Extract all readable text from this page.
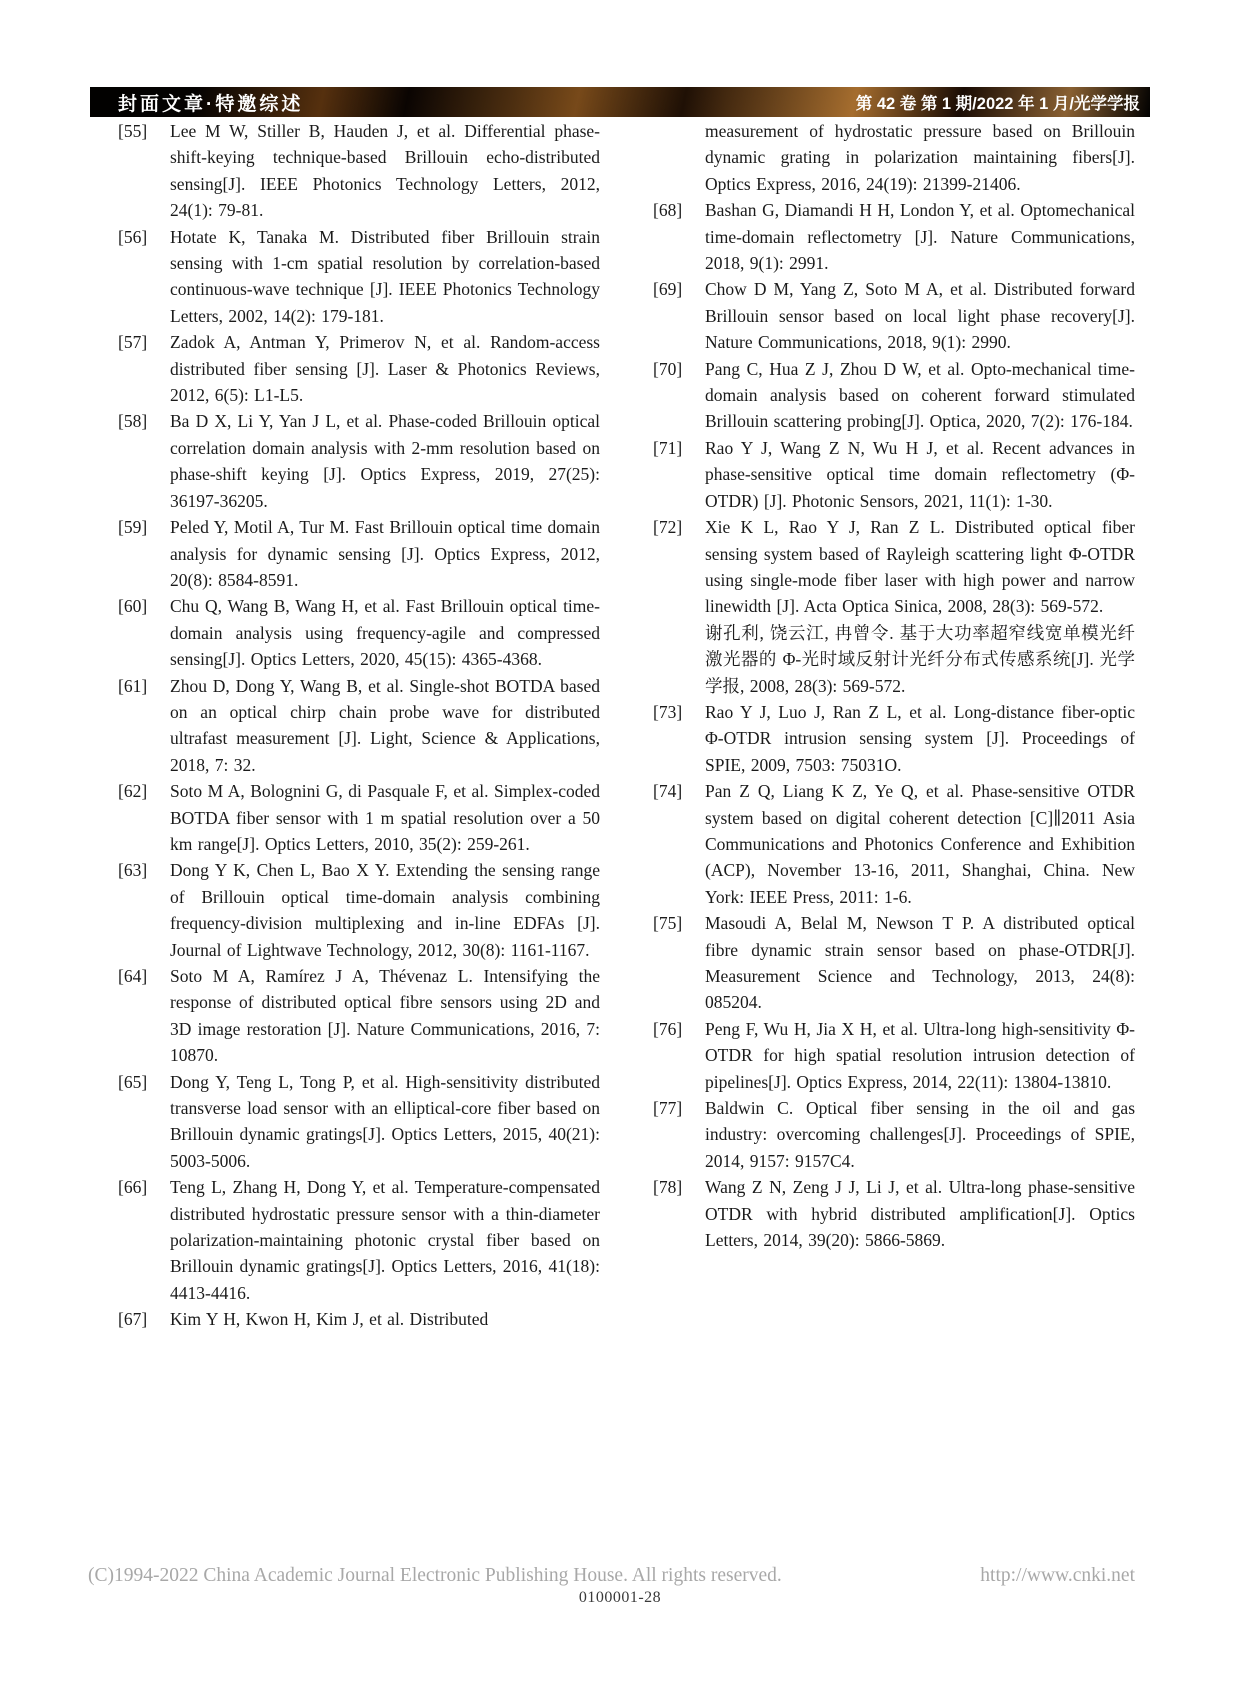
封面文章·特邀综述	第 42 卷 第 1 期/2022 年 1 月/光学学报
[55]	Lee M W, Stiller B, Hauden J, et al. Differential phase-shift-keying technique-based Brillouin echo-distributed sensing[J]. IEEE Photonics Technology Letters, 2012, 24(1): 79-81.

[56]	Hotate K, Tanaka M. Distributed fiber Brillouin strain sensing with 1-cm spatial resolution by correlation-based continuous-wave technique [J]. IEEE Photonics Technology Letters, 2002, 14(2): 179-181.

[57]	Zadok A, Antman Y, Primerov N, et al. Random-access distributed fiber sensing [J]. Laser & Photonics Reviews, 2012, 6(5): L1-L5.

[58]	Ba D X, Li Y, Yan J L, et al. Phase-coded Brillouin optical correlation domain analysis with 2-mm resolution based on phase-shift keying [J]. Optics Express, 2019, 27(25): 36197-36205.

[59]	Peled Y, Motil A, Tur M. Fast Brillouin optical time domain analysis for dynamic sensing [J]. Optics Express, 2012, 20(8): 8584-8591.

[60]	Chu Q, Wang B, Wang H, et al. Fast Brillouin optical time-domain analysis using frequency-agile and compressed sensing[J]. Optics Letters, 2020, 45(15): 4365-4368.

[61]	Zhou D, Dong Y, Wang B, et al. Single-shot BOTDA based on an optical chirp chain probe wave for distributed ultrafast measurement [J]. Light, Science & Applications, 2018, 7: 32.

[62]	Soto M A, Bolognini G, di Pasquale F, et al. Simplex-coded BOTDA fiber sensor with 1 m spatial resolution over a 50 km range[J]. Optics Letters, 2010, 35(2): 259-261.

[63]	Dong Y K, Chen L, Bao X Y. Extending the sensing range of Brillouin optical time-domain analysis combining frequency-division multiplexing and in-line EDFAs [J]. Journal of Lightwave Technology, 2012, 30(8): 1161-1167.

[64]	Soto M A, Ramírez J A, Thévenaz L. Intensifying the response of distributed optical fibre sensors using 2D and 3D image restoration [J]. Nature Communications, 2016, 7: 10870.

[65]	Dong Y, Teng L, Tong P, et al. High-sensitivity distributed transverse load sensor with an elliptical-core fiber based on Brillouin dynamic gratings[J]. Optics Letters, 2015, 40(21): 5003-5006.

[66]	Teng L, Zhang H, Dong Y, et al. Temperature-compensated distributed hydrostatic pressure sensor with a thin-diameter polarization-maintaining photonic crystal fiber based on Brillouin dynamic gratings[J]. Optics Letters, 2016, 41(18): 4413-4416.

[67]	Kim Y H, Kwon H, Kim J, et al. Distributed

measurement of hydrostatic pressure based on Brillouin dynamic grating in polarization maintaining fibers[J]. Optics Express, 2016, 24(19): 21399-21406.

[68]	Bashan G, Diamandi H H, London Y, et al. Optomechanical time-domain reflectometry [J]. Nature Communications, 2018, 9(1): 2991.

[69]	Chow D M, Yang Z, Soto M A, et al. Distributed forward Brillouin sensor based on local light phase recovery[J]. Nature Communications, 2018, 9(1): 2990.

[70]	Pang C, Hua Z J, Zhou D W, et al. Opto-mechanical time-domain analysis based on coherent forward stimulated Brillouin scattering probing[J]. Optica, 2020, 7(2): 176-184.

[71]	Rao Y J, Wang Z N, Wu H J, et al. Recent advances in phase-sensitive optical time domain reflectometry (Φ-OTDR) [J]. Photonic Sensors, 2021, 11(1): 1-30.

[72]	Xie K L, Rao Y J, Ran Z L. Distributed optical fiber sensing system based of Rayleigh scattering light Φ-OTDR using single-mode fiber laser with high power and narrow linewidth [J]. Acta Optica Sinica, 2008, 28(3): 569-572.

谢孔利, 饶云江, 冉曾令. 基于大功率超窄线宽单模光纤激光器的 Φ-光时域反射计光纤分布式传感系统[J]. 光学学报, 2008, 28(3): 569-572.

[73]	Rao Y J, Luo J, Ran Z L, et al. Long-distance fiber-optic Φ-OTDR intrusion sensing system [J]. Proceedings of SPIE, 2009, 7503: 75031O.

[74]	Pan Z Q, Liang K Z, Ye Q, et al. Phase-sensitive OTDR system based on digital coherent detection [C]∥2011 Asia Communications and Photonics Conference and Exhibition (ACP), November 13-16, 2011, Shanghai, China. New York: IEEE Press, 2011: 1-6.

[75]	Masoudi A, Belal M, Newson T P. A distributed optical fibre dynamic strain sensor based on phase-OTDR[J]. Measurement Science and Technology, 2013, 24(8): 085204.

[76]	Peng F, Wu H, Jia X H, et al. Ultra-long high-sensitivity Φ-OTDR for high spatial resolution intrusion detection of pipelines[J]. Optics Express, 2014, 22(11): 13804-13810.

[77]	Baldwin C. Optical fiber sensing in the oil and gas industry: overcoming challenges[J]. Proceedings of SPIE, 2014, 9157: 9157C4.

[78]	Wang Z N, Zeng J J, Li J, et al. Ultra-long phase-sensitive OTDR with hybrid distributed amplification[J]. Optics Letters, 2014, 39(20): 5866-5869.

(C)1994-2022 China Academic Journal Electronic Publishing House. All rights reserved.	http://www.cnki.net
0100001-28
